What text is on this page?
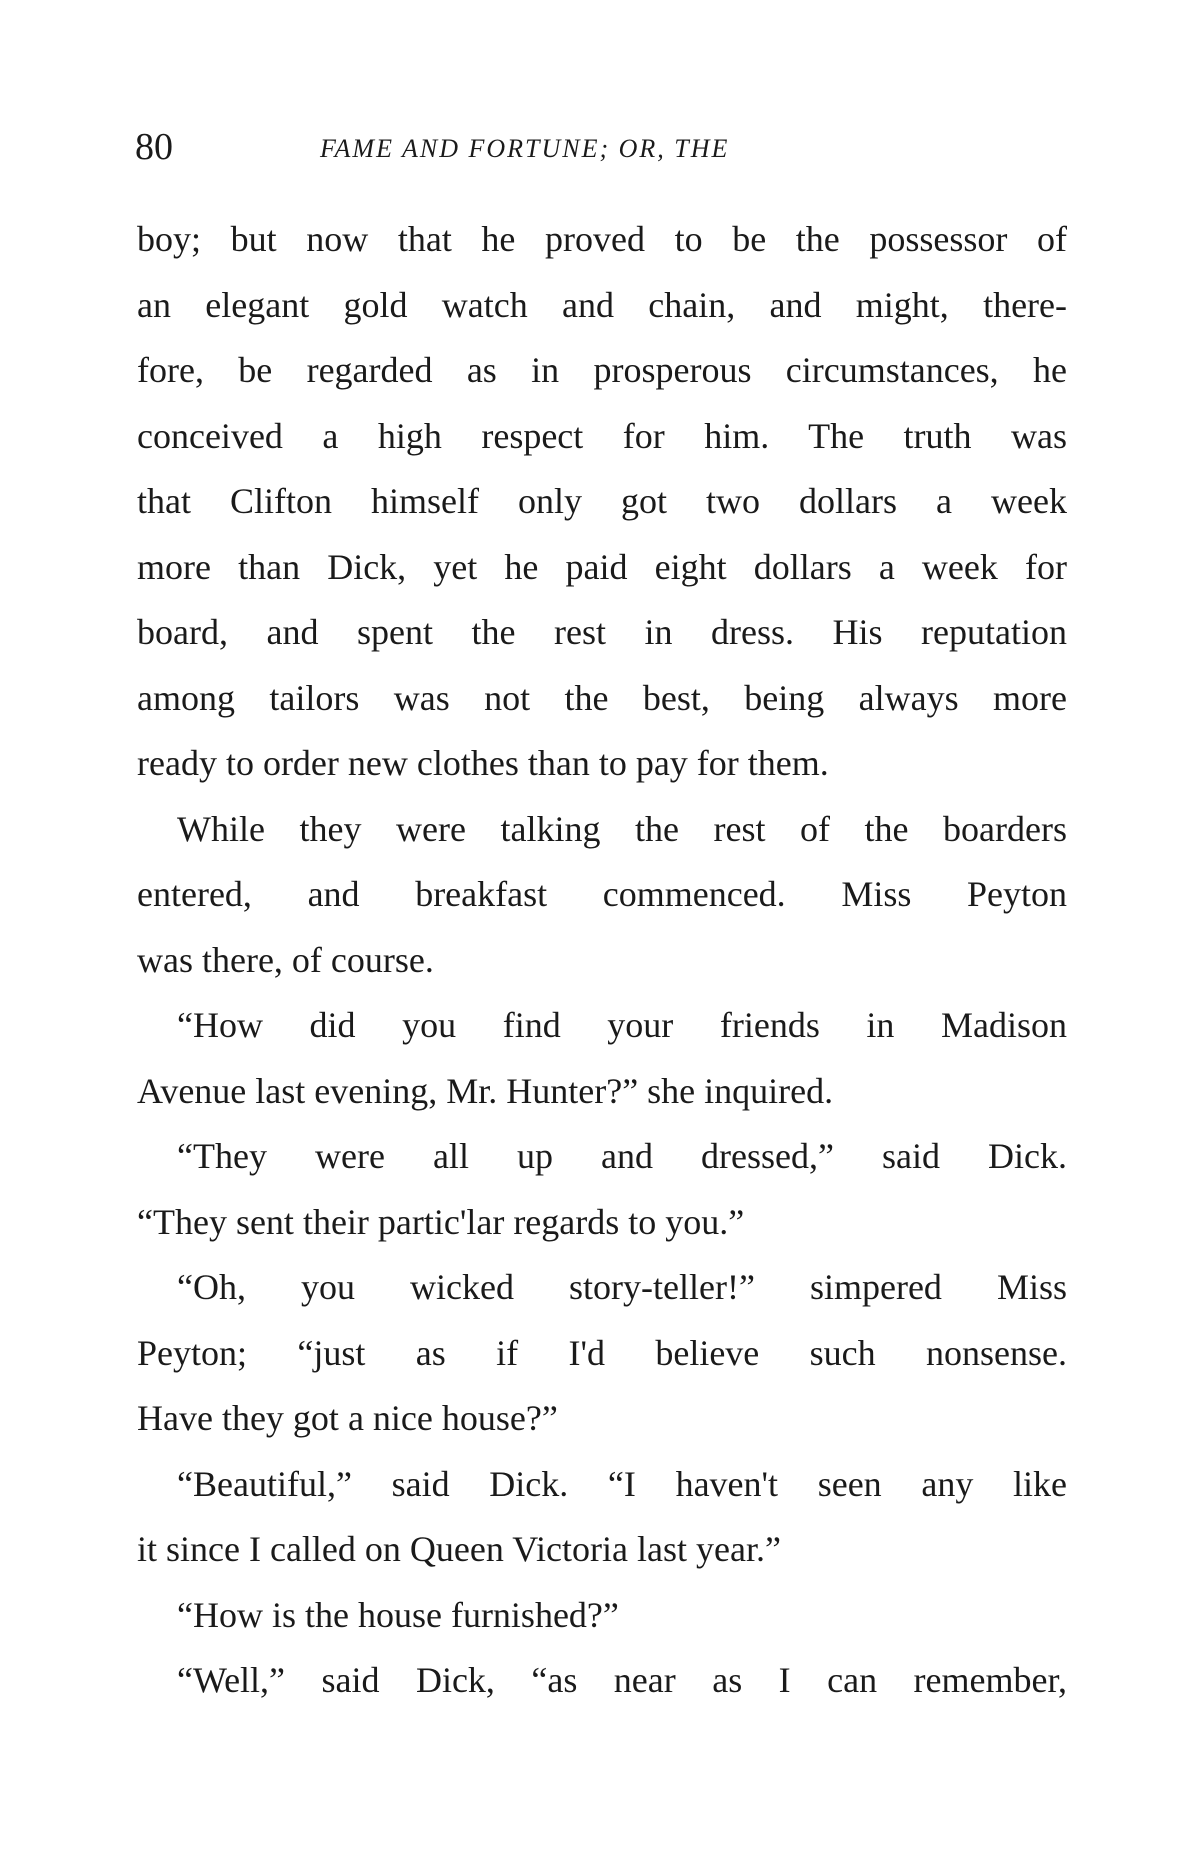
80	FAME AND FORTUNE; OR, THE
boy; but now that he proved to be the possessor of
an elegant gold watch and chain, and might, there-
fore, be regarded as in prosperous circumstances, he
conceived a high respect for him. The truth was
that Clifton himself only got two dollars a week
more than Dick, yet he paid eight dollars a week for
board, and spent the rest in dress. His reputation
among tailors was not the best, being always more
ready to order new clothes than to pay for them.
While they were talking the rest of the boarders
entered, and breakfast commenced. Miss Peyton
was there, of course.
“How did you find your friends in Madison
Avenue last evening, Mr. Hunter?” she inquired.
“They were all up and dressed,” said Dick.
“They sent their partic'lar regards to you.”
“Oh, you wicked story-teller!” simpered Miss
Peyton; “just as if I'd believe such nonsense.
Have they got a nice house?”
“Beautiful,” said Dick. “I haven't seen any like
it since I called on Queen Victoria last year.”
“How is the house furnished?”
“Well,” said Dick, “as near as I can remember,
